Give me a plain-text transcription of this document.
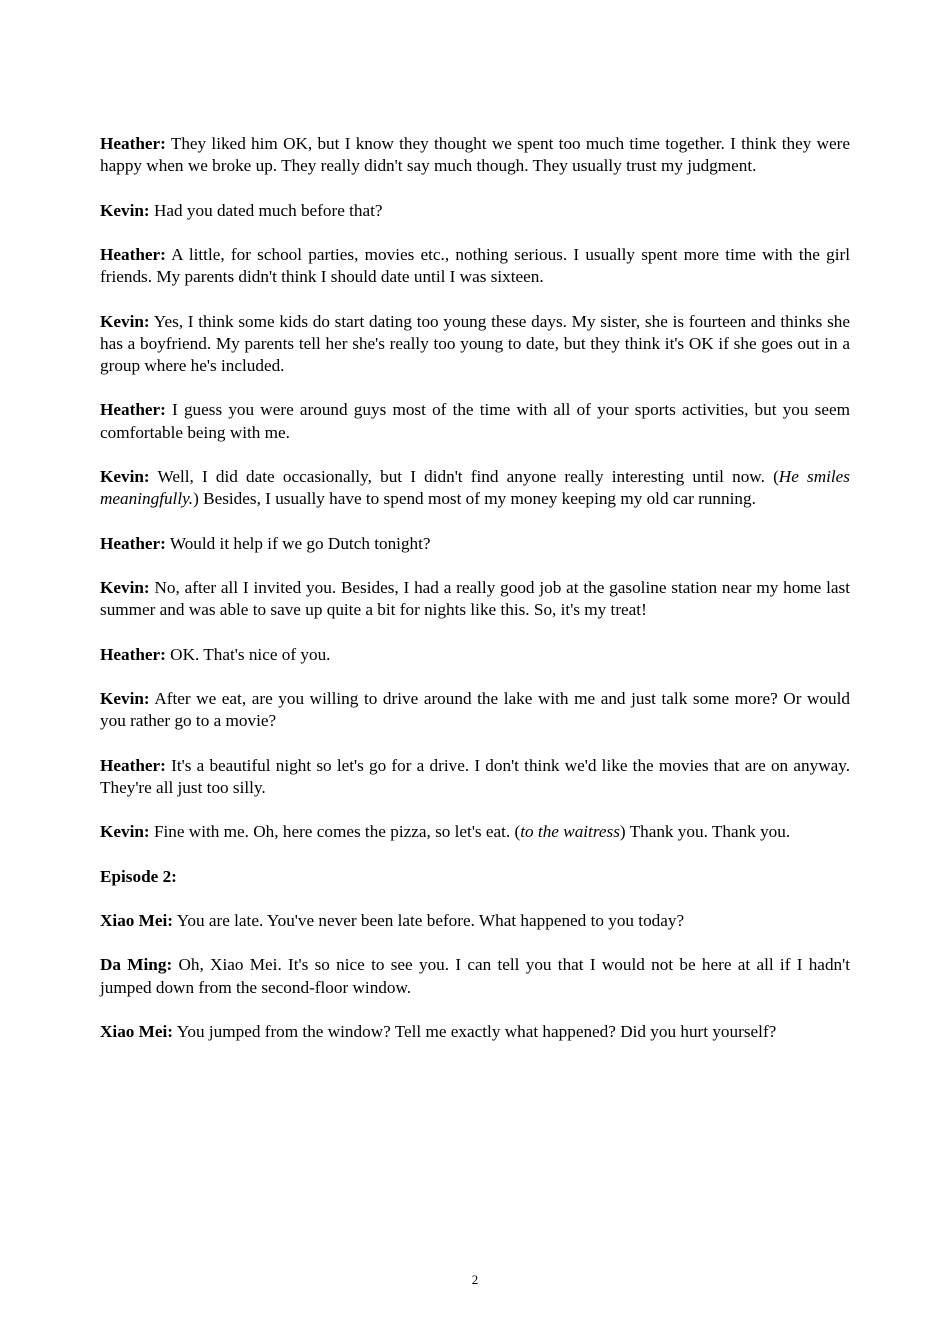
Heather: They liked him OK, but I know they thought we spent too much time together. I think they were happy when we broke up. They really didn't say much though. They usually trust my judgment.

Kevin: Had you dated much before that?

Heather: A little, for school parties, movies etc., nothing serious. I usually spent more time with the girl friends. My parents didn't think I should date until I was sixteen.

Kevin: Yes, I think some kids do start dating too young these days. My sister, she is fourteen and thinks she has a boyfriend. My parents tell her she's really too young to date, but they think it's OK if she goes out in a group where he's included.

Heather: I guess you were around guys most of the time with all of your sports activities, but you seem comfortable being with me.

Kevin: Well, I did date occasionally, but I didn't find anyone really interesting until now. (He smiles meaningfully.) Besides, I usually have to spend most of my money keeping my old car running.

Heather: Would it help if we go Dutch tonight?

Kevin: No, after all I invited you. Besides, I had a really good job at the gasoline station near my home last summer and was able to save up quite a bit for nights like this. So, it's my treat!

Heather: OK. That's nice of you.

Kevin: After we eat, are you willing to drive around the lake with me and just talk some more? Or would you rather go to a movie?

Heather: It's a beautiful night so let's go for a drive. I don't think we'd like the movies that are on anyway. They're all just too silly.

Kevin: Fine with me. Oh, here comes the pizza, so let's eat. (to the waitress) Thank you. Thank you.

Episode 2:

Xiao Mei: You are late. You've never been late before. What happened to you today?

Da Ming: Oh, Xiao Mei. It's so nice to see you. I can tell you that I would not be here at all if I hadn't jumped down from the second-floor window.

Xiao Mei: You jumped from the window? Tell me exactly what happened? Did you hurt yourself?

2
